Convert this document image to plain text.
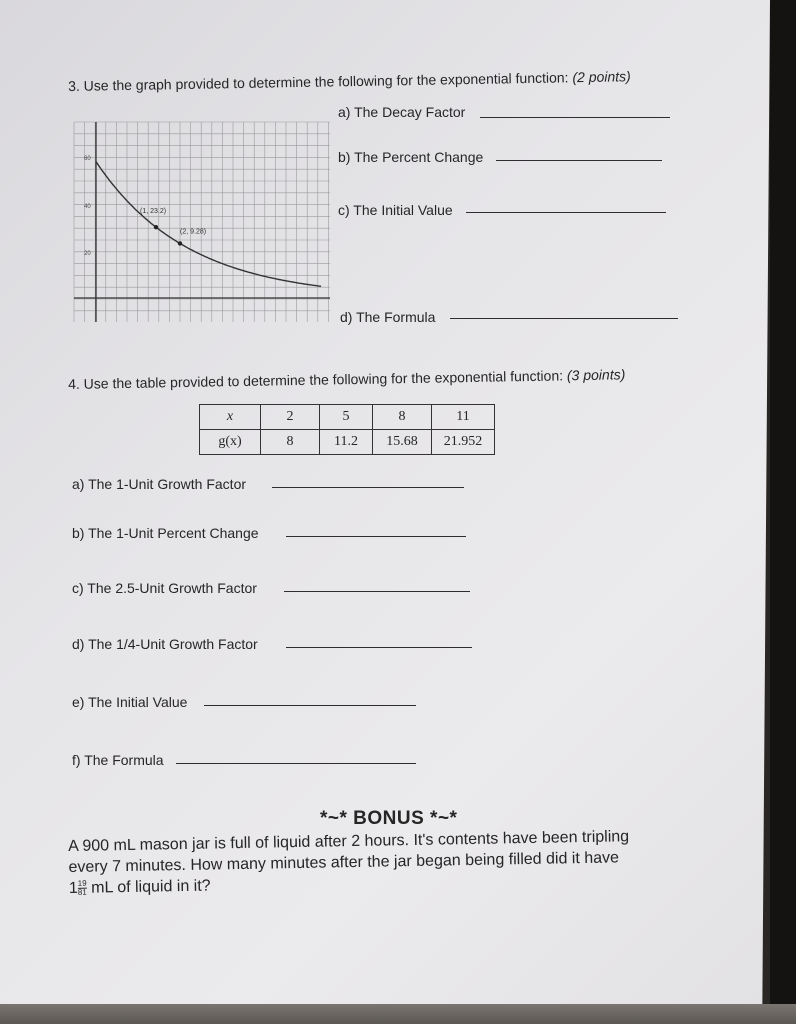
3. Use the graph provided to determine the following for the exponential function: (2 points)
(1, 23.2)
(2, 9.28)
60
40
20
a) The Decay Factor
b) The Percent Change
c) The Initial Value
d) The Formula
4. Use the table provided to determine the following for the exponential function: (3 points)
x	2	5	8	11
g(x)	8	11.2	15.68	21.952
a) The 1-Unit Growth Factor
b) The 1-Unit Percent Change
c) The 2.5-Unit Growth Factor
d) The 1/4-Unit Growth Factor
e) The Initial Value
f) The Formula
*~* BONUS *~*
A 900 mL mason jar is full of liquid after 2 hours. It's contents have been tripling
every 7 minutes. How many minutes after the jar began being filled did it have
$1 \frac{19}{81}$ mL of liquid in it?
